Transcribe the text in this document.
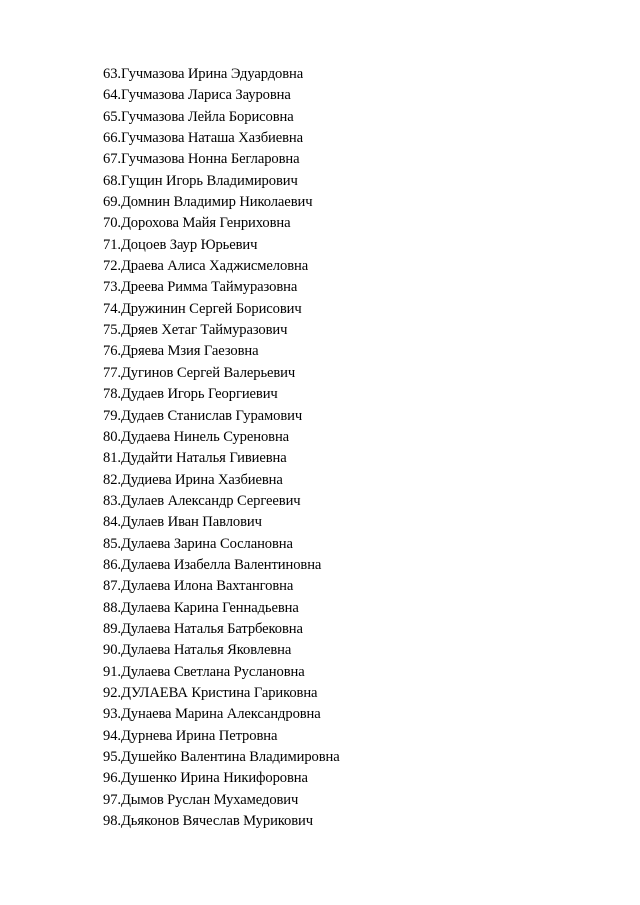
63.Гучмазова Ирина Эдуардовна
64.Гучмазова Лариса Зауровна
65.Гучмазова Лейла Борисовна
66.Гучмазова Наташа Хазбиевна
67.Гучмазова Нонна Бегларовна
68.Гущин Игорь Владимирович
69.Домнин Владимир Николаевич
70.Дорохова Майя Генриховна
71.Доцоев Заур Юрьевич
72.Драева Алиса Хаджисмеловна
73.Дреева Римма Таймуразовна
74.Дружинин Сергей Борисович
75.Дряев Хетаг Таймуразович
76.Дряева Мзия Гаезовна
77.Дугинов Сергей Валерьевич
78.Дудаев Игорь Георгиевич
79.Дудаев Станислав Гурамович
80.Дудаева Нинель Суреновна
81.Дудайти Наталья Гивиевна
82.Дудиева Ирина Хазбиевна
83.Дулаев Александр Сергеевич
84.Дулаев Иван Павлович
85.Дулаева Зарина Сослановна
86.Дулаева Изабелла Валентиновна
87.Дулаева Илона Вахтанговна
88.Дулаева Карина Геннадьевна
89.Дулаева Наталья Батрбековна
90.Дулаева Наталья Яковлевна
91.Дулаева Светлана Руслановна
92.ДУЛАЕВА Кристина Гариковна
93.Дунаева Марина Александровна
94.Дурнева Ирина Петровна
95.Душейко Валентина Владимировна
96.Душенко Ирина Никифоровна
97.Дымов Руслан Мухамедович
98.Дьяконов Вячеслав Мурикович
